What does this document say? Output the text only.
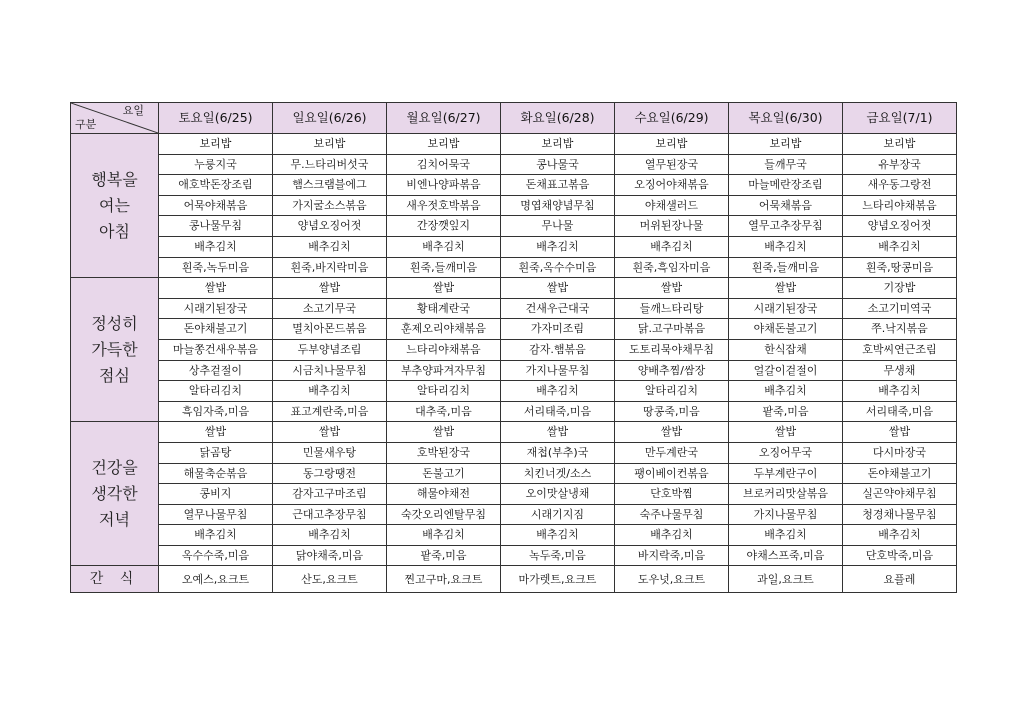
요일
구분	토요일(6/25)	일요일(6/26)	월요일(6/27)	화요일(6/28)	수요일(6/29)	목요일(6/30)	금요일(7/1)

행복을
여는
아침	보리밥	보리밥	보리밥	보리밥	보리밥	보리밥	보리밥
	누룽지국	무.느타리버섯국	김치어묵국	콩나물국	열무된장국	들깨무국	유부장국
	애호박돈장조림	햄스크램블에그	비엔나양파볶음	돈채표고볶음	오징어야채볶음	마늘메란장조림	새우동그랑전
	어묵야채볶음	가지굴소스볶음	새우젓호박볶음	명엽채양념무침	야채샐러드	어묵채볶음	느타리야채볶음
	콩나물무침	양념오징어젓	간장깻잎지	무나물	머위된장나물	열무고추장무침	양념오징어젓
	배추김치	배추김치	배추김치	배추김치	배추김치	배추김치	배추김치
	흰죽,녹두미음	흰죽,바지락미음	흰죽,들깨미음	흰죽,옥수수미음	흰죽,흑임자미음	흰죽,들깨미음	흰죽,땅콩미음

정성히
가득한
점심	쌀밥	쌀밥	쌀밥	쌀밥	쌀밥	쌀밥	기장밥
	시래기된장국	소고기무국	황태계란국	건새우근대국	들깨느타리탕	시래기된장국	소고기미역국
	돈야채불고기	멸치아몬드볶음	훈제오리야채볶음	가자미조림	닭.고구마볶음	야채돈불고기	쭈.낙지볶음
	마늘쫑건새우볶음	두부양념조림	느타리야채볶음	감자.햄볶음	도토리묵야채무침	한식잡채	호박씨연근조림
	상추겉절이	시금치나물무침	부추양파겨자무침	가지나물무침	양배추찜/쌈장	얼갈이겉절이	무생채
	알타리김치	배추김치	알타리김치	배추김치	알타리김치	배추김치	배추김치
	흑임자죽,미음	표고계란죽,미음	대추죽,미음	서리태죽,미음	땅콩죽,미음	팥죽,미음	서리태죽,미음

건강을
생각한
저녁	쌀밥	쌀밥	쌀밥	쌀밥	쌀밥	쌀밥	쌀밥
	닭곰탕	민물새우탕	호박된장국	재첩(부추)국	만두계란국	오징어무국	다시마장국
	해물축순볶음	동그랑땡전	돈불고기	치킨너겟/소스	팽이베이컨볶음	두부계란구이	돈야채불고기
	콩비지	감자고구마조림	해물야채전	오이맛살냉채	단호박찜	브로커리맛살볶음	실곤약야채무침
	열무나물무침	근대고추장무침	숙갓오리엔탈무침	시래기지짐	숙주나물무침	가지나물무침	청경채나물무침
	배추김치	배추김치	배추김치	배추김치	배추김치	배추김치	배추김치
	옥수수죽,미음	닭야채죽,미음	팥죽,미음	녹두죽,미음	바지락죽,미음	야채스프죽,미음	단호박죽,미음
간 식	오예스,요크트	산도,요크트	찐고구마,요크트	마가렛트,요크트	도우넛,요크트	과일,요크트	요플레
